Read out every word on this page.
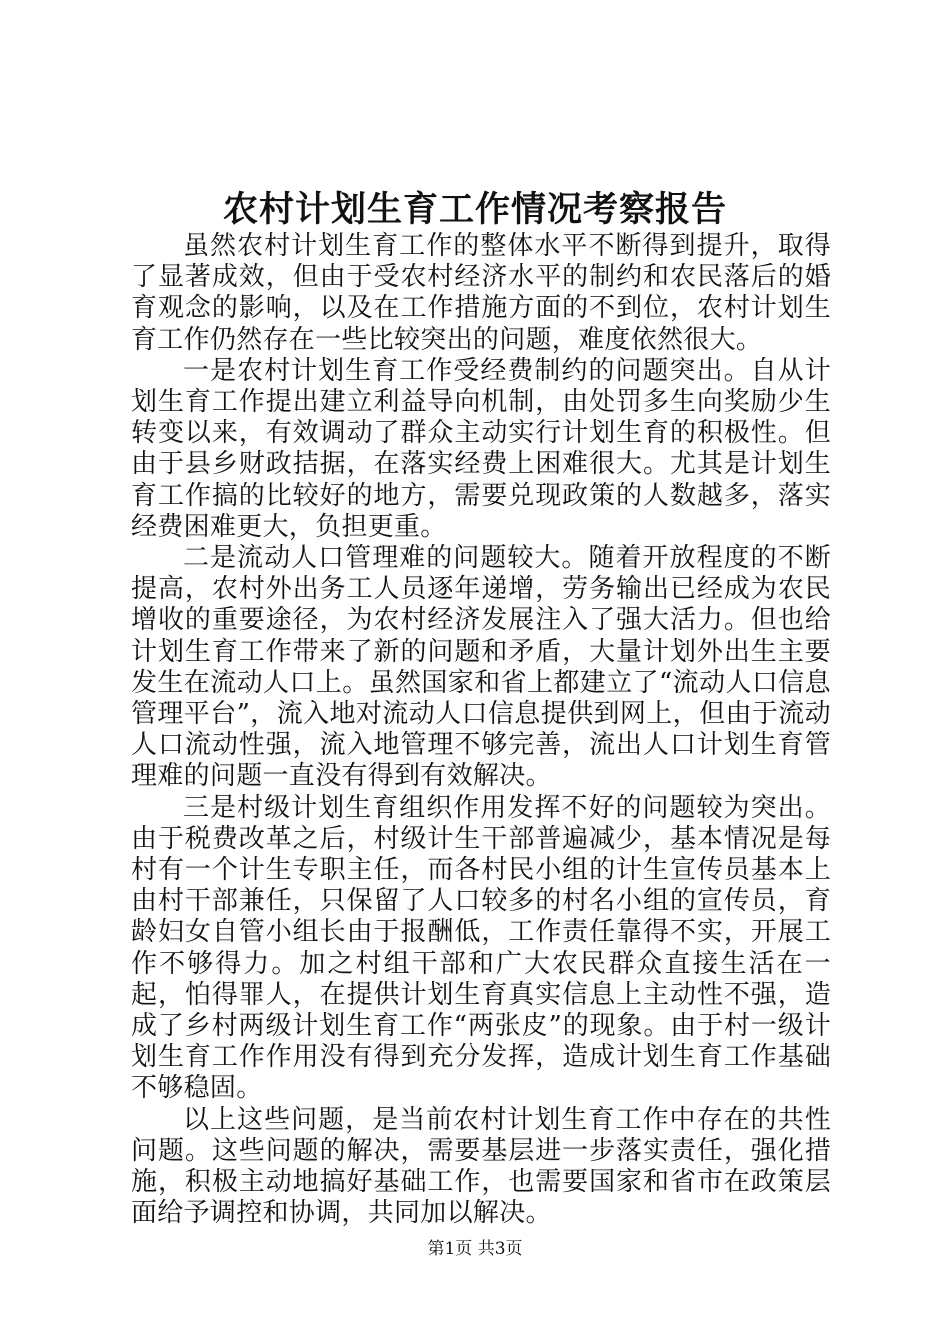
农村计划生育工作情况考察报告

虽然农村计划生育工作的整体水平不断得到提升，取得了显著成效，但由于受农村经济水平的制约和农民落后的婚育观念的影响，以及在工作措施方面的不到位，农村计划生育工作仍然存在一些比较突出的问题，难度依然很大。

一是农村计划生育工作受经费制约的问题突出。自从计划生育工作提出建立利益导向机制，由处罚多生向奖励少生转变以来，有效调动了群众主动实行计划生育的积极性。但由于县乡财政拮据，在落实经费上困难很大。尤其是计划生育工作搞的比较好的地方，需要兑现政策的人数越多，落实经费困难更大，负担更重。

二是流动人口管理难的问题较大。随着开放程度的不断提高，农村外出务工人员逐年递增，劳务输出已经成为农民增收的重要途径，为农村经济发展注入了强大活力。但也给计划生育工作带来了新的问题和矛盾，大量计划外出生主要发生在流动人口上。虽然国家和省上都建立了“流动人口信息管理平台”，流入地对流动人口信息提供到网上，但由于流动人口流动性强，流入地管理不够完善，流出人口计划生育管理难的问题一直没有得到有效解决。

三是村级计划生育组织作用发挥不好的问题较为突出。由于税费改革之后，村级计生干部普遍减少，基本情况是每村有一个计生专职主任，而各村民小组的计生宣传员基本上由村干部兼任，只保留了人口较多的村名小组的宣传员，育龄妇女自管小组长由于报酬低，工作责任靠得不实，开展工作不够得力。加之村组干部和广大农民群众直接生活在一起，怕得罪人，在提供计划生育真实信息上主动性不强，造成了乡村两级计划生育工作“两张皮”的现象。由于村一级计划生育工作作用没有得到充分发挥，造成计划生育工作基础不够稳固。

以上这些问题，是当前农村计划生育工作中存在的共性问题。这些问题的解决，需要基层进一步落实责任，强化措施，积极主动地搞好基础工作，也需要国家和省市在政策层面给予调控和协调，共同加以解决。

第1页 共3页
